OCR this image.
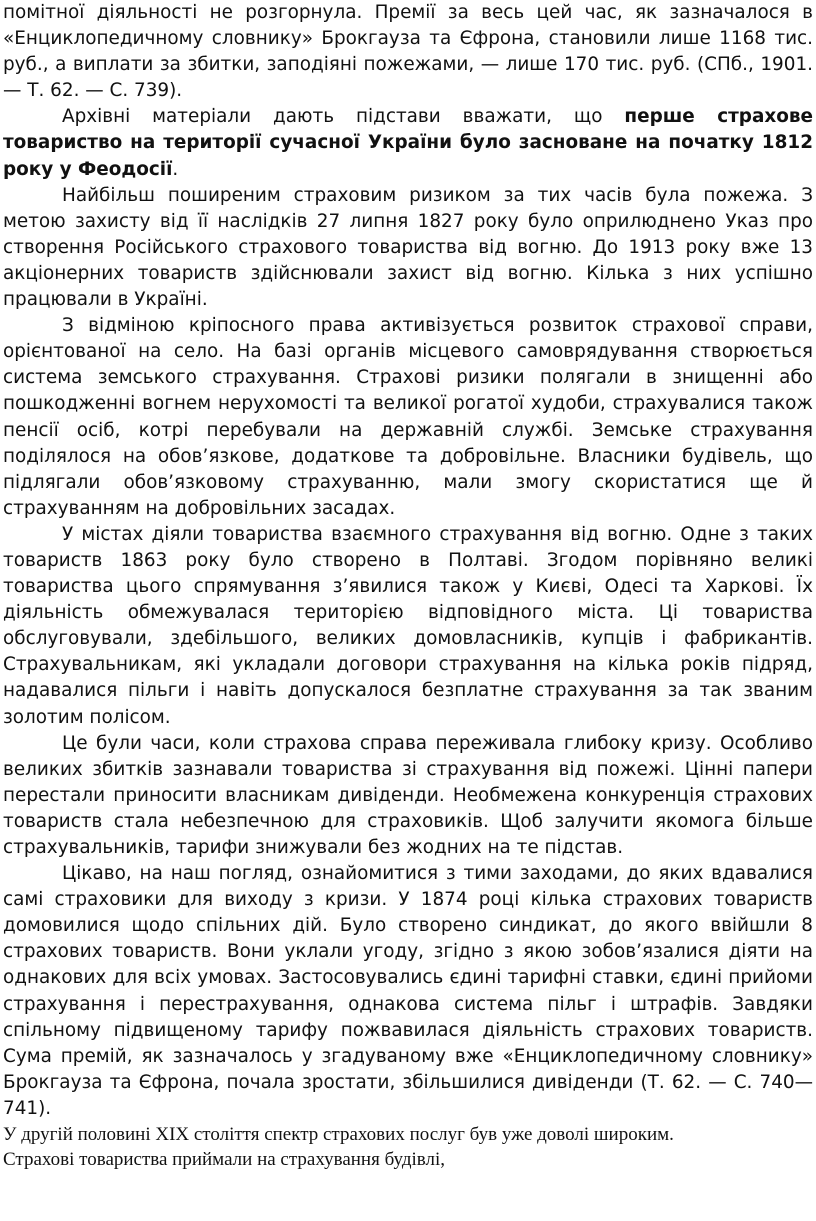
помітної діяльності не розгорнула. Премії за весь цей час, як зазначалося в «Енциклопедичному словнику» Брокгауза та Єфрона, становили лише 1168 тис. руб., а виплати за збитки, заподіяні пожежами, — лише 170 тис. руб. (СПб., 1901. — Т. 62. — С. 739).

Архівні матеріали дають підстави вважати, що перше страхове товариство на території сучасної України було засноване на початку 1812 року у Феодосії.

Найбільш поширеним страховим ризиком за тих часів була пожежа. З метою захисту від її наслідків 27 липня 1827 року було оприлюднено Указ про створення Російського страхового товариства від вогню. До 1913 року вже 13 акціонерних товариств здійснювали захист від вогню. Кілька з них успішно працювали в Україні.

З відміною кріпосного права активізується розвиток страхової справи, орієнтованої на село. На базі органів місцевого самоврядування створюється система земського страхування. Страхові ризики полягали в знищенні або пошкодженні вогнем нерухомості та великої рогатої худоби, страхувалися також пенсії осіб, котрі перебували на державній службі. Земське страхування поділялося на обов’язкове, додаткове та добровільне. Власники будівель, що підлягали обов’язковому страхуванню, мали змогу скористатися ще й страхуванням на добровільних засадах.

У містах діяли товариства взаємного страхування від вогню. Одне з таких товариств 1863 року було створено в Полтаві. Згодом порівняно великі товариства цього спрямування з’явилися також у Києві, Одесі та Харкові. Їх діяльність обмежувалася територією відповідного міста. Ці товариства обслуговували, здебільшого, великих домовласників, купців і фабрикантів. Страхувальникам, які укладали договори страхування на кілька років підряд, надавалися пільги і навіть допускалося безплатне страхування за так званим золотим полісом.

Це були часи, коли страхова справа переживала глибоку кризу. Особливо великих збитків зазнавали товариства зі страхування від пожежі. Цінні папери перестали приносити власникам дивіденди. Необмежена конкуренція страхових товариств стала небезпечною для страховиків. Щоб залучити якомога більше страхувальників, тарифи знижували без жодних на те підстав.

Цікаво, на наш погляд, ознайомитися з тими заходами, до яких вдавалися самі страховики для виходу з кризи. У 1874 році кілька страхових товариств домовилися щодо спільних дій. Було створено синдикат, до якого ввійшли 8 страхових товариств. Вони уклали угоду, згідно з якою зобов’язалися діяти на однакових для всіх умовах. Застосовувались єдині тарифні ставки, єдині прийоми страхування і перестрахування, однакова система пільг і штрафів. Завдяки спільному підвищеному тарифу пожвавилася діяльність страхових товариств. Сума премій, як зазначалось у згадуваному вже «Енциклопедичному словнику» Брокгауза та Єфрона, почала зростати, збільшилися дивіденди (Т. 62. — С. 740—741).

У другій половині XIX століття спектр страхових послуг був уже доволі широким.
Страхові товариства приймали на страхування будівлі,
